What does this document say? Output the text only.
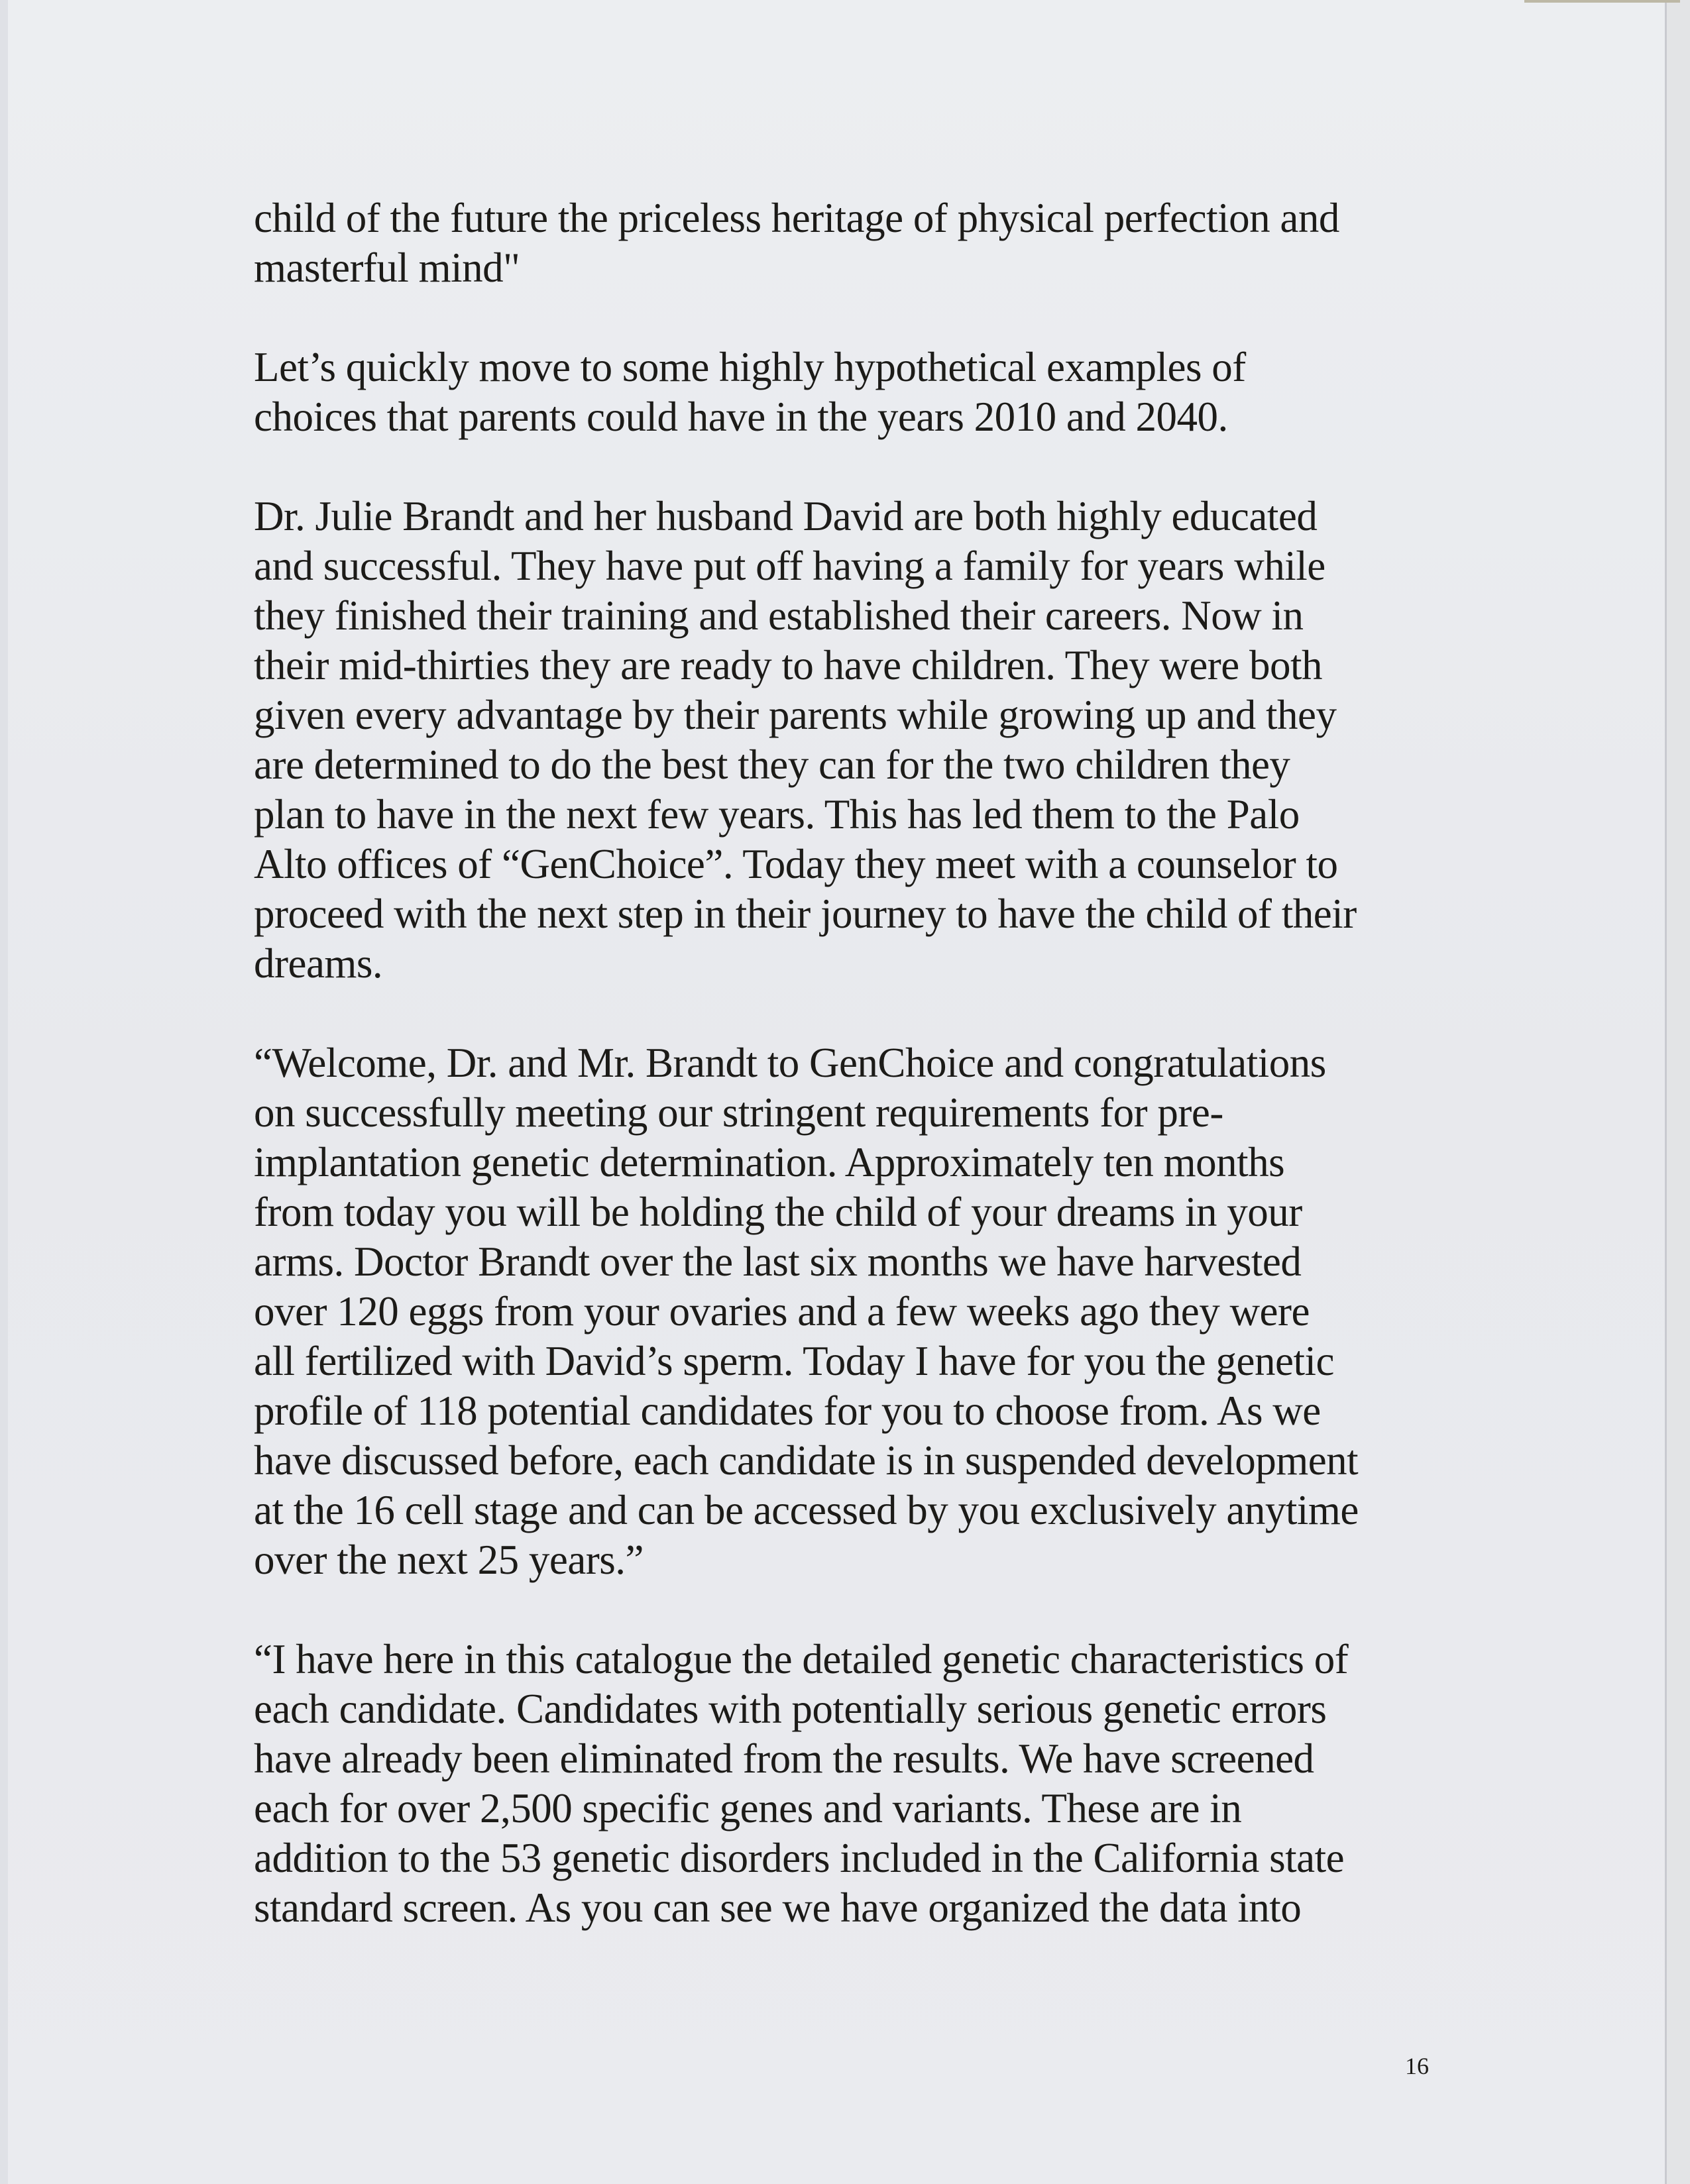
child of the future the priceless heritage of physical perfection and
masterful mind"
Let’s quickly move to some highly hypothetical examples of
choices that parents could have in the years 2010 and 2040.
Dr. Julie Brandt and her husband David are both highly educated
and successful. They have put off having a family for years while
they finished their training and established their careers. Now in
their mid-thirties they are ready to have children. They were both
given every advantage by their parents while growing up and they
are determined to do the best they can for the two children they
plan to have in the next few years. This has led them to the Palo
Alto offices of “GenChoice”. Today they meet with a counselor to
proceed with the next step in their journey to have the child of their
dreams.
“Welcome, Dr. and Mr. Brandt to GenChoice and congratulations
on successfully meeting our stringent requirements for pre-
implantation genetic determination. Approximately ten months
from today you will be holding the child of your dreams in your
arms. Doctor Brandt over the last six months we have harvested
over 120 eggs from your ovaries and a few weeks ago they were
all fertilized with David’s sperm. Today I have for you the genetic
profile of 118 potential candidates for you to choose from. As we
have discussed before, each candidate is in suspended development
at the 16 cell stage and can be accessed by you exclusively anytime
over the next 25 years.”
“I have here in this catalogue the detailed genetic characteristics of
each candidate. Candidates with potentially serious genetic errors
have already been eliminated from the results. We have screened
each for over 2,500 specific genes and variants. These are in
addition to the 53 genetic disorders included in the California state
standard screen. As you can see we have organized the data into
16
